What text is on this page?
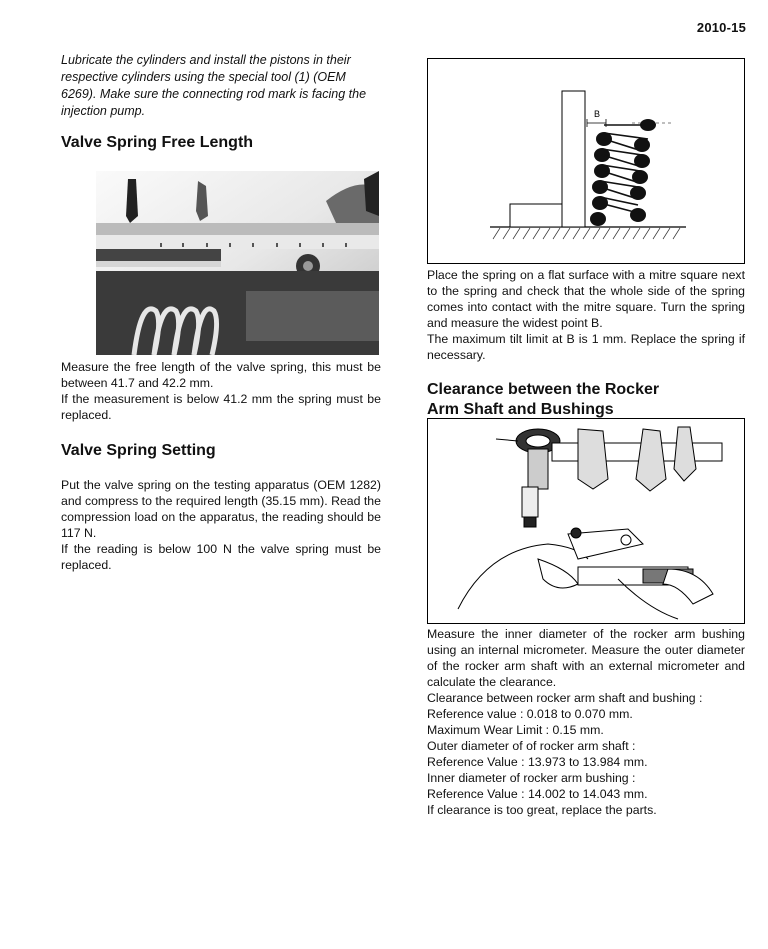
2010-15

Lubricate the cylinders and install the pistons in their respective cylinders using the special tool (1) (OEM 6269). Make sure the connecting rod mark is facing the injection pump.

Valve Spring Free Length

Measure the free length of the valve spring, this must be between 41.7 and 42.2 mm.

If the measurement is below 41.2 mm the spring must be replaced.

Valve Spring Setting

Put the valve spring on the testing apparatus (OEM 1282) and compress to the required length (35.15 mm). Read the compression load on the apparatus, the reading should be 117 N.

If the reading is below 100 N the valve spring must be replaced.

B

Place the spring on a flat surface with a mitre square next to the spring and check that the whole side of the spring comes into contact with the mitre square. Turn the spring and measure the widest point B.

The maximum tilt limit at B is 1 mm. Replace the spring if necessary.

Clearance between the Rocker
Arm Shaft and Bushings

Measure the inner diameter of the rocker arm bushing using an internal micrometer. Measure the outer diameter of the rocker arm shaft with an external micrometer and calculate the clearance.

Clearance between rocker arm shaft and bushing :

Reference value : 0.018 to 0.070 mm.

Maximum Wear Limit : 0.15 mm.

Outer diameter of of rocker arm shaft :

Reference Value : 13.973 to 13.984 mm.

Inner diameter of rocker arm bushing :

Reference Value : 14.002 to 14.043 mm.

If clearance is too great, replace the parts.
